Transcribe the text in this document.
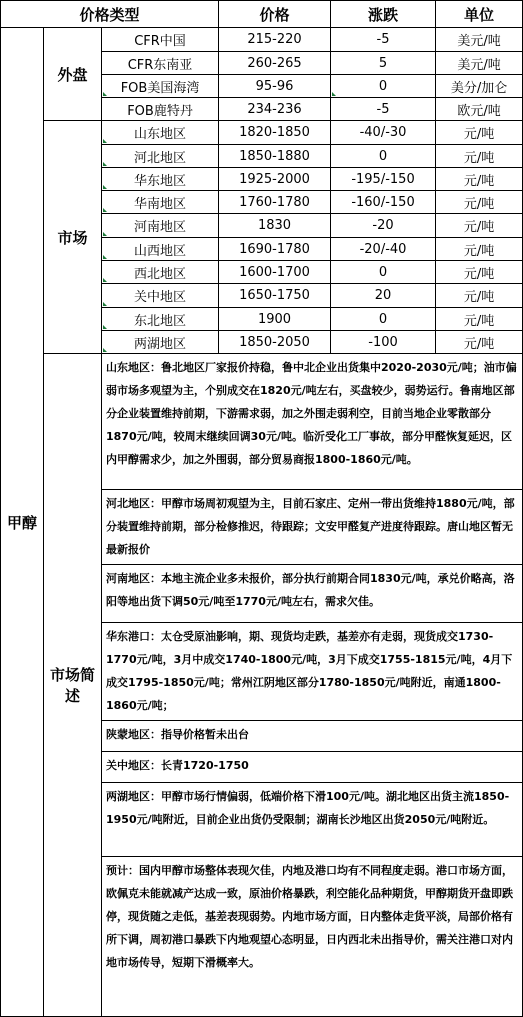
价格类型			价格	涨跌	单位
甲醇	外盘	CFR中国	215-220	-5	美元/吨
		CFR东南亚	260-265	5	美元/吨
		FOB美国海湾	95-96	0	美分/加仑
		FOB鹿特丹	234-236	-5	欧元/吨
	市场	山东地区	1820-1850	-40/-30	元/吨
		河北地区	1850-1880	0	元/吨
		华东地区	1925-2000	-195/-150	元/吨
		华南地区	1760-1780	-160/-150	元/吨
		河南地区	1830	-20	元/吨
		山西地区	1690-1780	-20/-40	元/吨
		西北地区	1600-1700	0	元/吨
		关中地区	1650-1750	20	元/吨
		东北地区	1900	0	元/吨
		两湖地区	1850-2050	-100	元/吨
	市场简述	山东地区：鲁北地区厂家报价持稳，鲁中北企业出货集中2020-2030元/吨；油市偏弱市场多观望为主，个别成交在1820元/吨左右，买盘较少，弱势运行。鲁南地区部分企业装置维持前期，下游需求弱，加之外围走弱利空，目前当地企业零散部分1870元/吨，较周末继续回调30元/吨。临沂受化工厂事故，部分甲醛恢复延迟，区内甲醇需求少，加之外围弱，部分贸易商报1800-1860元/吨。			
		河北地区：甲醇市场周初观望为主，目前石家庄、定州一带出货维持1880元/吨，部分装置维持前期，部分检修推迟，待跟踪；文安甲醛复产进度待跟踪。唐山地区暂无最新报价			
		河南地区：本地主流企业多未报价，部分执行前期合同1830元/吨，承兑价略高，洛阳等地出货下调50元/吨至1770元/吨左右，需求欠佳。			
		华东港口：太仓受原油影响，期、现货均走跌，基差亦有走弱，现货成交1730-1770元/吨，3月中成交1740-1800元/吨，3月下成交1755-1815元/吨，4月下成交1795-1850元/吨；常州江阴地区部分1780-1850元/吨附近，南通1800-1860元/吨；			
		陕蒙地区：指导价格暂未出台			
		关中地区：长青1720-1750			
		两湖地区：甲醇市场行情偏弱，低端价格下滑100元/吨。湖北地区出货主流1850-1950元/吨附近，目前企业出货仍受限制；湖南长沙地区出货2050元/吨附近。			
		预计：国内甲醇市场整体表现欠佳，内地及港口均有不同程度走弱。港口市场方面，欧佩克未能就减产达成一致，原油价格暴跌，利空能化品种期货，甲醇期货开盘即跌停，现货随之走低，基差表现弱势。内地市场方面，日内整体走货平淡，局部价格有所下调，周初港口暴跌下内地观望心态明显，日内西北未出指导价，需关注港口对内地市场传导，短期下滑概率大。			
